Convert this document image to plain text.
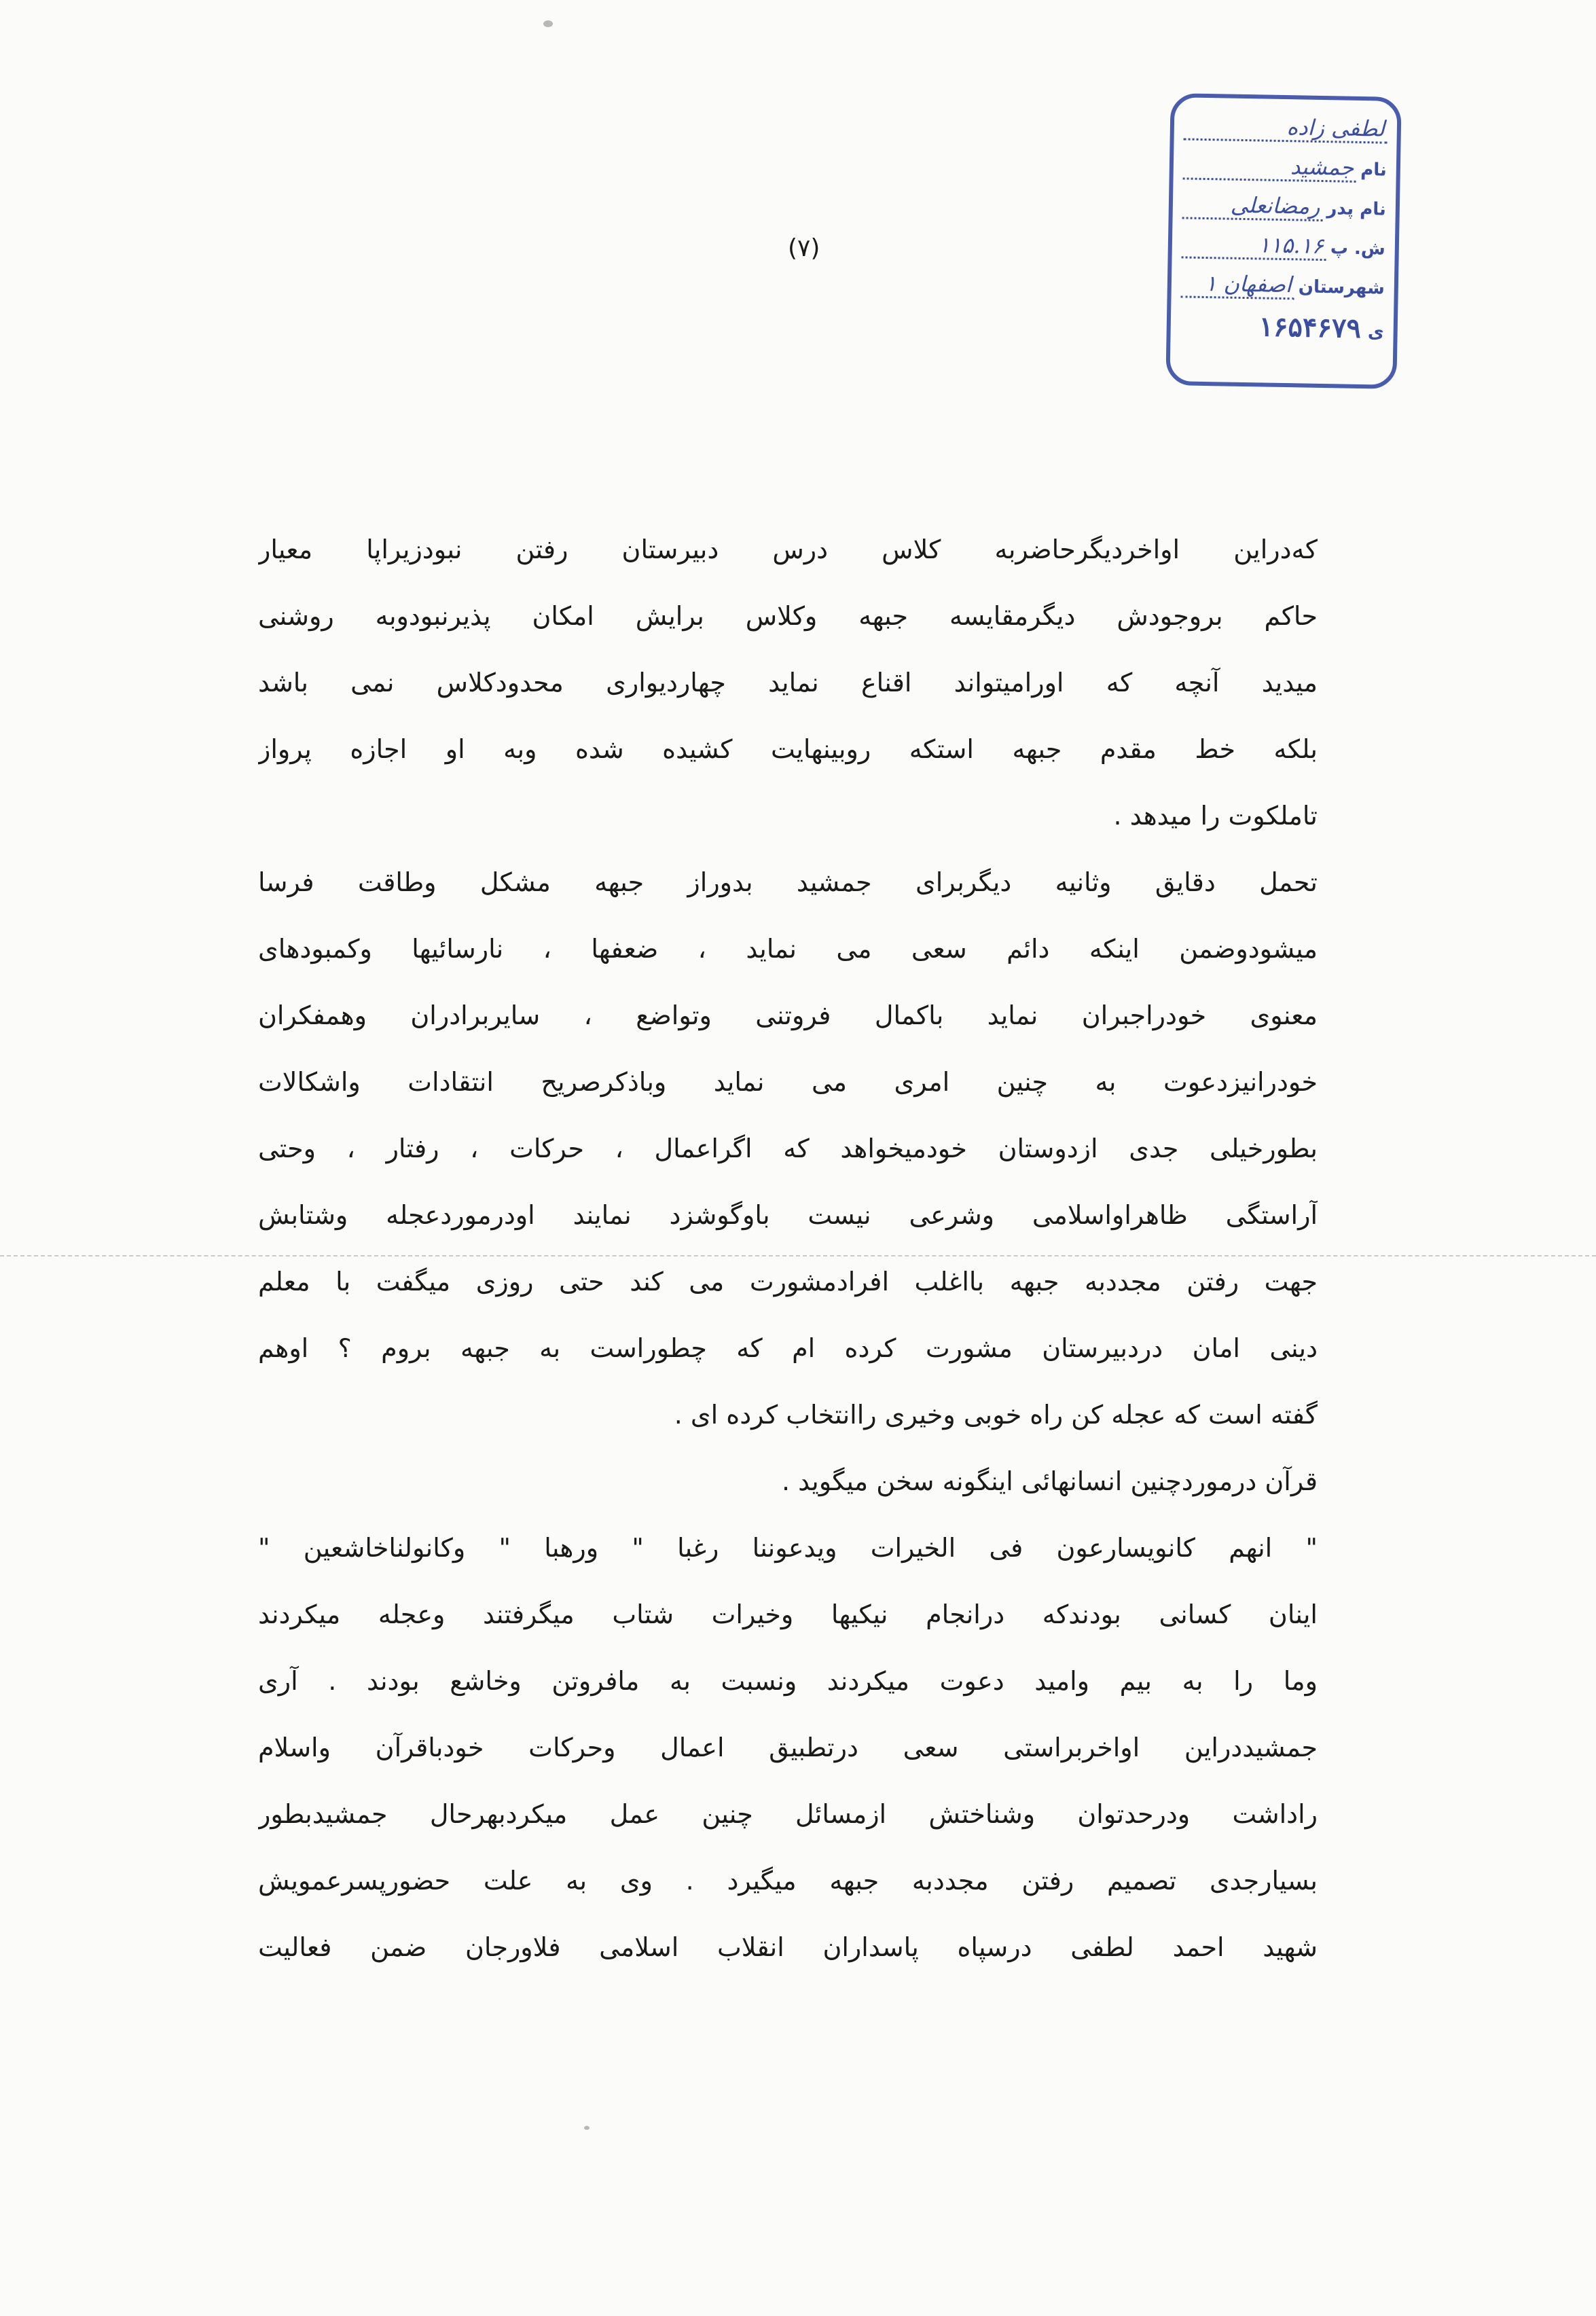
(۷)
لطفی زاده
نام
جمشید
نام پدر
رمضانعلی
ش. پ
۱۱۵.۱۶
شهرستان
اصفهان ۱
ی
۱۶۵۴۶۷۹
کەدراین اواخردیگرحاضربه کلاس درس دبیرستان رفتن نبودزیراپا معیار
حاکم بروجودش دیگرمقایسه جبهه وکلاس برایش امکان پذیرنبودوبه روشنی
میدید آنچه که اورامیتواند اقناع نماید چهاردیواری محدودکلاس نمی باشد
بلکه خط مقدم جبهه استکه روبینهایت کشیده شده وبه او اجازه پرواز
تاملکوت را میدهد .
تحمل دقایق وثانیه دیگربرای جمشید بدوراز جبهه مشکل وطاقت فرسا
میشودوضمن اینکه دائم سعی می نماید ، ضعفها ، نارسائیها وکمبودهای
معنوی خودراجبران نماید باکمال فروتنی وتواضع ، سایربرادران وهمفکران
خودرانیزدعوت به چنین امری می نماید وباذکرصریح انتقادات واشکالات
بطورخیلی جدی ازدوستان خودمیخواهد که اگراعمال ، حرکات ، رفتار ، وحتی
آراستگی ظاهراواسلامی وشرعی نیست باوگوشزد نمایند اودرموردعجله وشتابش
جهت رفتن مجددبه جبهه بااغلب افرادمشورت می کند حتی روزی میگفت با معلم
دینی امان دردبیرستان مشورت کرده ام که چطوراست به جبهه بروم ؟ اوهم
گفته است که عجله کن راه خوبی وخیری راانتخاب کرده ای .
قرآن درموردچنین انسانهائی اینگونه سخن میگوید .
" انهم کانویسارعون فی الخیرات ویدعوننا رغبا " ورهبا " وکانولناخاشعین "
اینان کسانی بودندکه درانجام نیکیها وخیرات شتاب میگرفتند وعجله میکردند
وما را به بیم وامید دعوت میکردند ونسبت به مافروتن وخاشع بودند . آری
جمشیددراین اواخربراستی سعی درتطبیق اعمال وحرکات خودباقرآن واسلام
راداشت ودرحدتوان وشناختش ازمسائل چنین عمل میکردبهرحال جمشیدبطور
بسیارجدی تصمیم رفتن مجددبه جبهه میگیرد . وی به علت حضورپسرعمویش
شهید احمد لطفی درسپاه پاسداران انقلاب اسلامی فلاورجان ضمن فعالیت
